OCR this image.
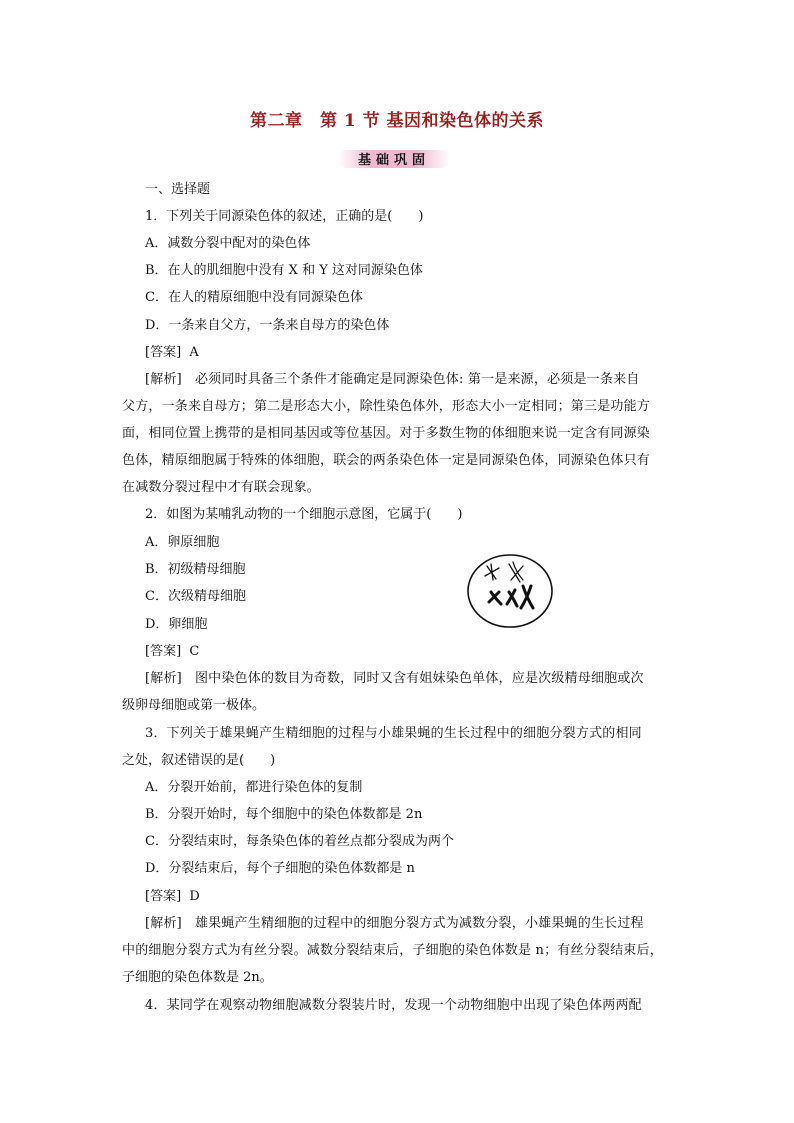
第二章　第 1 节 基因和染色体的关系
基础巩固
一、选择题
1．下列关于同源染色体的叙述，正确的是(　　)
A．减数分裂中配对的染色体
B．在人的肌细胞中没有 X 和 Y 这对同源染色体
C．在人的精原细胞中没有同源染色体
D．一条来自父方，一条来自母方的染色体
[答案] A
[解析] 必须同时具备三个条件才能确定是同源染色体: 第一是来源，必须是一条来自
父方，一条来自母方；第二是形态大小，除性染色体外，形态大小一定相同；第三是功能方
面，相同位置上携带的是相同基因或等位基因。对于多数生物的体细胞来说一定含有同源染
色体，精原细胞属于特殊的体细胞，联会的两条染色体一定是同源染色体，同源染色体只有
在减数分裂过程中才有联会现象。
2．如图为某哺乳动物的一个细胞示意图，它属于(　　)
A．卵原细胞
B．初级精母细胞
C．次级精母细胞
D．卵细胞
[答案] C
[解析] 图中染色体的数目为奇数，同时又含有姐妹染色单体，应是次级精母细胞或次
级卵母细胞或第一极体。
3．下列关于雄果蝇产生精细胞的过程与小雄果蝇的生长过程中的细胞分裂方式的相同
之处，叙述错误的是(　　)
A．分裂开始前，都进行染色体的复制
B．分裂开始时，每个细胞中的染色体数都是 2n
C．分裂结束时，每条染色体的着丝点都分裂成为两个
D．分裂结束后，每个子细胞的染色体数都是 n
[答案] D
[解析] 雄果蝇产生精细胞的过程中的细胞分裂方式为减数分裂，小雄果蝇的生长过程
中的细胞分裂方式为有丝分裂。减数分裂结束后，子细胞的染色体数是 n；有丝分裂结束后，
子细胞的染色体数是 2n。
4．某同学在观察动物细胞减数分裂装片时，发现一个动物细胞中出现了染色体两两配
